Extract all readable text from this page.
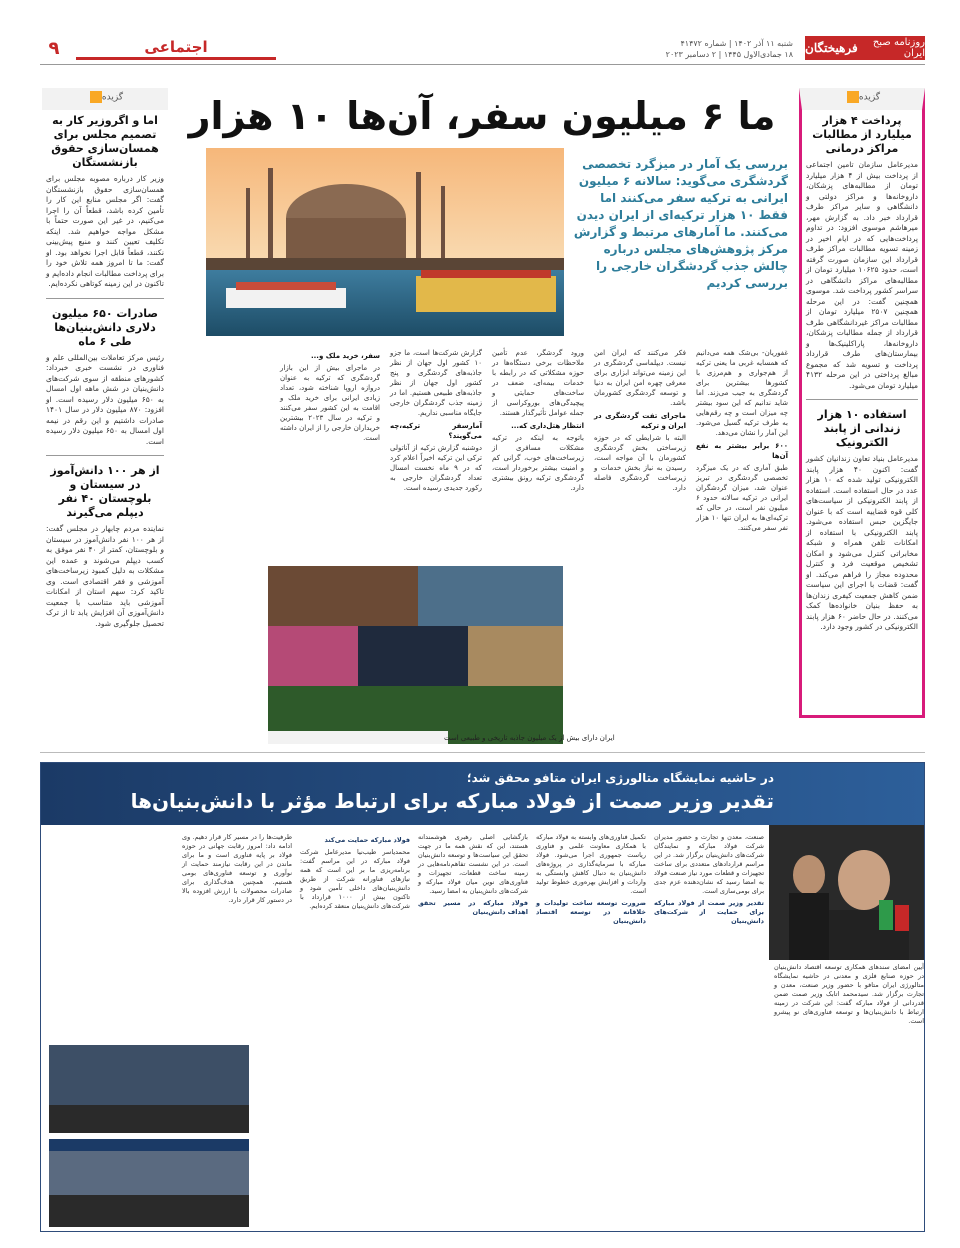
روزنامه صبح ایران
فرهیختگان
شنبه ۱۱ آذر ۱۴۰۲ | شماره ۴۱۴۷۲
۱۸ جمادی‌الاول ۱۴۴۵ | ۲ دسامبر ۲۰۲۳
اجتماعی
۹
گزیده
پرداخت ۴ هزار میلیارد از مطالبات مراکز درمانی
مدیرعامل سازمان تامین اجتماعی از پرداخت بیش از ۴ هزار میلیارد تومان از مطالبه‌های پزشکان، داروخانه‌ها و مراکز دولتی و دانشگاهی و سایر مراکز طرف قرارداد خبر داد. به گزارش مهر، میرهاشم موسوی افزود: در تداوم پرداخت‌هایی که در ایام اخیر در زمینه تسویه مطالبات مراکز طرف قرارداد این سازمان صورت گرفته است، حدود ۱۰۶۲۵ میلیارد تومان از مطالبه‌های مراکز دانشگاهی در سراسر کشور پرداخت شد. موسوی همچنین گفت: در این مرحله همچنین ۲۵۰۷ میلیارد تومان از مطالبات مراکز غیردانشگاهی طرف قرارداد از جمله مطالبات پزشکان، داروخانه‌ها، پاراکلینیک‌ها و بیمارستان‌های طرف قرارداد پرداخت و تسویه شد که مجموع مبالغ پرداختی در این مرحله ۴۱۳۲ میلیارد تومان می‌شود.
استفاده ۱۰ هزار زندانی از پابند الکترونیک
مدیرعامل بنیاد تعاون زندانیان کشور گفت: اکنون ۴۰ هزار پابند الکترونیکی تولید شده که ۱۰ هزار عدد در حال استفاده است. استفاده از پابند الکترونیکی از سیاست‌های کلی قوه قضاییه است که با عنوان جایگزین حبس استفاده می‌شود. پابند الکترونیکی با استفاده از امکانات تلفن همراه و شبکه مخابراتی کنترل می‌شود و امکان تشخیص موقعیت فرد و کنترل محدوده مجاز را فراهم می‌کند. او گفت: قضات با اجرای این سیاست ضمن کاهش جمعیت کیفری زندان‌ها به حفظ بنیان خانواده‌ها کمک می‌کنند. در حال حاضر ۶۰ هزار پابند الکترونیکی در کشور وجود دارد.
گزیده
اما و اگروزیر کار به تصمیم مجلس برای همسان‌سازی حقوق بازنشستگان
وزیر کار درباره مصوبه مجلس برای همسان‌سازی حقوق بازنشستگان گفت: اگر مجلس منابع این کار را تأمین کرده باشد، قطعاً آن را اجرا می‌کنیم، در غیر این صورت حتماً با مشکل مواجه خواهیم شد. اینکه تکلیف تعیین کنند و منبع پیش‌بینی نکنند، قطعاً قابل اجرا نخواهد بود. او گفت: ما تا امروز همه تلاش خود را برای پرداخت مطالبات انجام داده‌ایم و تاکنون در این زمینه کوتاهی نکرده‌ایم.
صادرات ۶۵۰ میلیون دلاری دانش‌بنیان‌ها طی ۶ ماه
رئیس مرکز تعاملات بین‌المللی علم و فناوری در نشست خبری خبرداد: کشورهای منطقه از سوی شرکت‌های دانش‌بنیان در شش ماهه اول امسال به ۶۵۰ میلیون دلار رسیده است. او افزود: ۸۷۰ میلیون دلار در سال ۱۴۰۱ صادرات داشتیم و این رقم در نیمه اول امسال به ۶۵۰ میلیون دلار رسیده است.
از هر ۱۰۰ دانش‌آموز در سیستان و بلوچستان ۴۰ نفر دیپلم می‌گیرند
نماینده مردم چابهار در مجلس گفت: از هر ۱۰۰ نفر دانش‌آموز در سیستان و بلوچستان، کمتر از ۴۰ نفر موفق به کسب دیپلم می‌شوند و عمده این مشکلات به دلیل کمبود زیرساخت‌های آموزشی و فقر اقتصادی است. وی تاکید کرد: سهم استان از امکانات آموزشی باید متناسب با جمعیت دانش‌آموزی آن افزایش یابد تا از ترک تحصیل جلوگیری شود.
ما ۶ میلیون سفر، آن‌ها ۱۰ هزار
بررسی یک آمار در میزگرد تخصصی گردشگری می‌گوید: سالانه ۶ میلیون ایرانی به ترکیه سفر می‌کنند اما فقط ۱۰ هزار ترکیه‌ای از ایران دیدن می‌کنند. ما آمارهای مرتبط و گزارش مرکز پژوهش‌های مجلس درباره چالش جذب گردشگران خارجی را بررسی کردیم
غفوریان- بی‌شک همه می‌دانیم که همسایه غربی ما یعنی ترکیه از هم‌جواری و هم‌مرزی با کشورها بیشترین برای گردشگری به جیب می‌زند. اما شاید ندانیم که این سود بیشتر چه میزان است و چه رقم‌هایی به طرف ترکیه گسیل می‌شود. این آمار را نشان می‌دهد.
۶۰۰ برابر بیشتر به نفع آن‌ها
طبق آماری که در یک میزگرد تخصصی گردشگری در تبریز عنوان شد، میزان گردشگران ایرانی در ترکیه سالانه حدود ۶ میلیون نفر است، در حالی که ترکیه‌ای‌ها به ایران تنها ۱۰ هزار نفر سفر می‌کنند.
فکر می‌کنند که ایران امن نیست. دیپلماسی گردشگری در این زمینه می‌تواند ابزاری برای معرفی چهره امن ایران به دنیا و توسعه گردشگری کشورمان باشد.
ماجرای تفت گردشگری در ایران و ترکیه
البته با شرایطی که در حوزه زیرساختی بخش گردشگری کشورمان با آن مواجه است، رسیدن به نیاز بخش خدمات و زیرساخت گردشگری فاصله دارد.
ورود گردشگر، عدم تأمین ملاحظات برخی دستگاه‌ها در حوزه مشکلاتی که در رابطه با خدمات بیمه‌ای، ضعف در ساخت‌های حمایتی و پیچیدگی‌های بوروکراسی از جمله عوامل تأثیرگذار هستند.
انتظار هتل‌داری که...
باتوجه به اینکه در ترکیه مشکلات مسافری از زیرساخت‌های خوب، گرانی کم و امنیت بیشتر برخوردار است، گردشگری ترکیه رونق بیشتری دارد.
گزارش شرکت‌ها است، ما جزو ۱۰ کشور اول جهان از نظر جاذبه‌های گردشگری و پنج کشور اول جهان از نظر جاذبه‌های طبیعی هستیم. اما در زمینه جذب گردشگران خارجی جایگاه مناسبی نداریم.
آمارسفر ترکیه،چه می‌گویند؟
دوشنبه گزارش ترکیه از آناتولی ترکی این ترکیه اخیراً اعلام کرد که در ۹ ماه نخست امسال تعداد گردشگران خارجی به رکورد جدیدی رسیده است.
سفر، خرید ملک و...
در ماجرای بیش از این بازار گردشگری که ترکیه به عنوان دروازه اروپا شناخته شود، تعداد زیادی ایرانی برای خرید ملک و اقامت به این کشور سفر می‌کنند و ترکیه در سال ۲۰۲۳ بیشترین خریداران خارجی را از ایران داشته است.
ایران دارای بیش از یک میلیون جاذبه تاریخی و طبیعی است
در حاشیه نمایشگاه متالورژی ایران متافو محقق شد؛
تقدیر وزیر صمت از فولاد مبارکه برای ارتباط مؤثر با دانش‌بنیان‌ها
آیین امضای سندهای همکاری توسعه اقتصاد دانش‌بنیان در حوزه صنایع فلزی و معدنی در حاشیه نمایشگاه متالورژی ایران متافو با حضور وزیر صنعت، معدن و تجارت برگزار شد. سیدمحمد اتابک وزیر صمت ضمن قدردانی از فولاد مبارکه گفت: این شرکت در زمینه ارتباط با دانش‌بنیان‌ها و توسعه فناوری‌های نو پیشرو است.
صنعت، معدن و تجارت و حضور مدیران شرکت فولاد مبارکه و نمایندگان شرکت‌های دانش‌بنیان برگزار شد. در این مراسم قراردادهای متعددی برای ساخت تجهیزات و قطعات مورد نیاز صنعت فولاد به امضا رسید که نشان‌دهنده عزم جدی برای بومی‌سازی است.
تقدیر وزیر صمت از فولاد مبارکه برای حمایت از شرکت‌های دانش‌بنیان
تکمیل فناوری‌های وابسته به فولاد مبارکه با همکاری معاونت علمی و فناوری ریاست جمهوری اجرا می‌شود. فولاد مبارکه با سرمایه‌گذاری در پروژه‌های دانش‌بنیان به دنبال کاهش وابستگی به واردات و افزایش بهره‌وری خطوط تولید است.
ضرورت توسعه ساخت تولیدات و خلاقانه در توسعه اقتصاد دانش‌بنیان
بازگشایی اصلی رهبری هوشمندانه هستند، این که نقش همه ما در جهت تحقق این سیاست‌ها و توسعه دانش‌بنیان است. در این نشست تفاهم‌نامه‌هایی در زمینه ساخت قطعات، تجهیزات و فناوری‌های نوین میان فولاد مبارکه و شرکت‌های دانش‌بنیان به امضا رسید.
فولاد مبارکه در مسیر تحقق اهداف دانش‌بنیان
فولاد مبارکه حمایت می‌کند
محمدیاسر طیب‌نیا مدیرعامل شرکت فولاد مبارکه در این مراسم گفت: برنامه‌ریزی ما بر این است که همه نیازهای فناورانه شرکت از طریق دانش‌بنیان‌های داخلی تأمین شود و تاکنون بیش از ۱۰۰۰ قرارداد با شرکت‌های دانش‌بنیان منعقد کرده‌ایم.
طرفیت‌ها را در مسیر کار قرار دهیم. وی ادامه داد: امروز رقابت جهانی در حوزه فولاد بر پایه فناوری است و ما برای ماندن در این رقابت نیازمند حمایت از نوآوری و توسعه فناوری‌های بومی هستیم. همچنین هدف‌گذاری برای صادرات محصولات با ارزش افزوده بالا در دستور کار قرار دارد.
